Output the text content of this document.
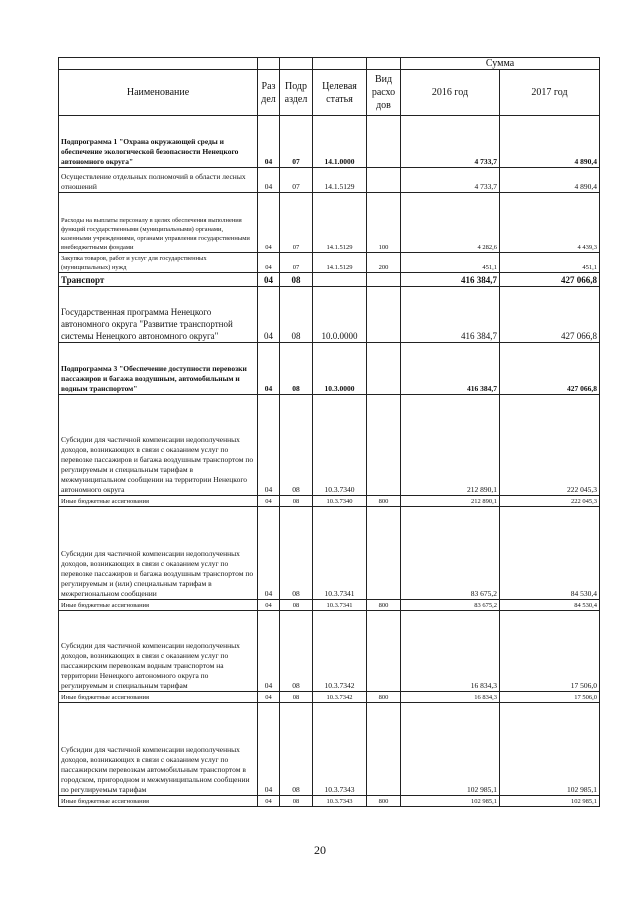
					Сумма	
Наименование	Раз дел	Подр аздел	Целевая статья	Вид расхо дов	2016 год	2017 год
Подпрограмма 1 "Охрана окружающей среды и обеспечение экологической безопасности Ненецкого автономного округа"	04	07	14.1.0000		4 733,7	4 890,4
Осуществление отдельных полномочий в области лесных отношений	04	07	14.1.5129		4 733,7	4 890,4
Расходы на выплаты персоналу в целях обеспечения выполнения функций государственными (муниципальными) органами, казенными учреждениями, органами управления государственными внебюджетными фондами	04	07	14.1.5129	100	4 282,6	4 439,3
Закупка товаров, работ и услуг для государственных (муниципальных) нужд	04	07	14.1.5129	200	451,1	451,1
Транспорт	04	08			416 384,7	427 066,8
Государственная программа Ненецкого автономного округа "Развитие транспортной системы Ненецкого автономного округа"	04	08	10.0.0000		416 384,7	427 066,8
Подпрограмма 3 "Обеспечение доступности перевозки пассажиров и багажа воздушным, автомобильным и водным транспортом"	04	08	10.3.0000		416 384,7	427 066,8
Субсидии для частичной компенсации недополученных доходов, возникающих в связи с оказанием услуг по перевозке пассажиров и багажа воздушным транспортом по регулируемым и специальным тарифам в межмуниципальном сообщении на территории Ненецкого автономного округа	04	08	10.3.7340		212 890,1	222 045,3
Иные бюджетные ассигнования	04	08	10.3.7340	800	212 890,1	222 045,3
Субсидии для частичной компенсации недополученных доходов, возникающих в связи с оказанием услуг по перевозке пассажиров и багажа воздушным транспортом по регулируемым и (или) специальным тарифам в межрегиональном сообщении	04	08	10.3.7341		83 675,2	84 530,4
Иные бюджетные ассигнования	04	08	10.3.7341	800	83 675,2	84 530,4
Субсидии для частичной компенсации недополученных доходов, возникающих в связи с оказанием услуг по пассажирским перевозкам водным транспортом на территории Ненецкого автономного округа по регулируемым и специальным тарифам	04	08	10.3.7342		16 834,3	17 506,0
Иные бюджетные ассигнования	04	08	10.3.7342	800	16 834,3	17 506,0
Субсидии для частичной компенсации недополученных доходов, возникающих в связи с оказанием услуг по пассажирским перевозкам автомобильным транспортом в городском, пригородном и межмуниципальном сообщении по регулируемым тарифам	04	08	10.3.7343		102 985,1	102 985,1
Иные бюджетные ассигнования	04	08	10.3.7343	800	102 985,1	102 985,1
20
